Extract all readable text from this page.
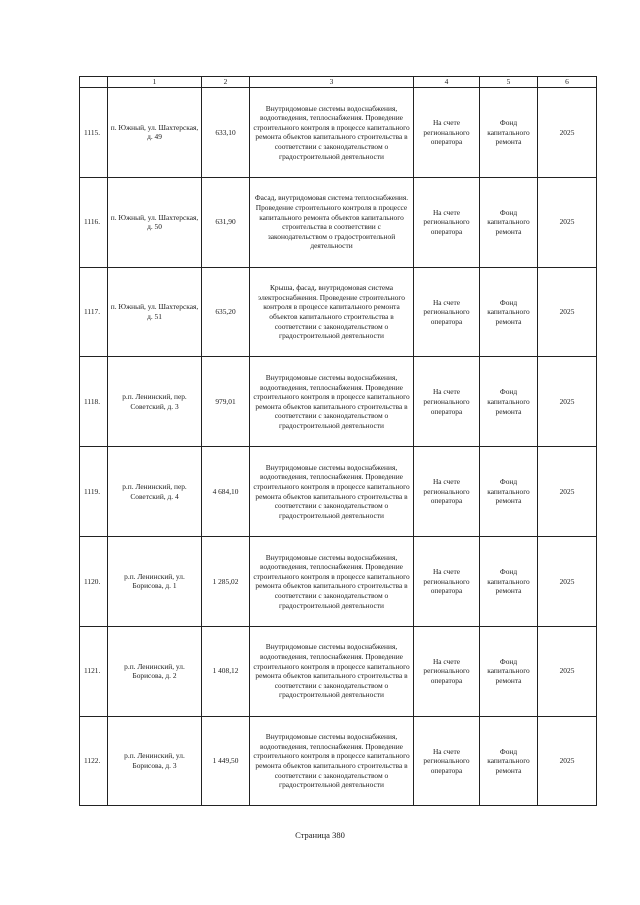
	1	2	3	4	5	6
1115.	п. Южный, ул. Шахтерская, д. 49	633,10	Внутридомовые системы водоснабжения, водоотведения, теплоснабжения. Проведение строительного контроля в процессе капитального ремонта объектов капитального строительства в соответствии с законодательством о градостроительной деятельности	На счете регионального оператора	Фонд капитального ремонта	2025
1116.	п. Южный, ул. Шахтерская, д. 50	631,90	Фасад, внутридомовая система теплоснабжения. Проведение строительного контроля в процессе капитального ремонта объектов капитального строительства в соответствии с законодательством о градостроительной деятельности	На счете регионального оператора	Фонд капитального ремонта	2025
1117.	п. Южный, ул. Шахтерская, д. 51	635,20	Крыша, фасад, внутридомовая система электроснабжения. Проведение строительного контроля в процессе капитального ремонта объектов капитального строительства в соответствии с законодательством о градостроительной деятельности	На счете регионального оператора	Фонд капитального ремонта	2025
1118.	р.п. Ленинский, пер. Советский, д. 3	979,01	Внутридомовые системы водоснабжения, водоотведения, теплоснабжения. Проведение строительного контроля в процессе капитального ремонта объектов капитального строительства в соответствии с законодательством о градостроительной деятельности	На счете регионального оператора	Фонд капитального ремонта	2025
1119.	р.п. Ленинский, пер. Советский, д. 4	4 684,10	Внутридомовые системы водоснабжения, водоотведения, теплоснабжения. Проведение строительного контроля в процессе капитального ремонта объектов капитального строительства в соответствии с законодательством о градостроительной деятельности	На счете регионального оператора	Фонд капитального ремонта	2025
1120.	р.п. Ленинский, ул. Борисова, д. 1	1 285,02	Внутридомовые системы водоснабжения, водоотведения, теплоснабжения. Проведение строительного контроля в процессе капитального ремонта объектов капитального строительства в соответствии с законодательством о градостроительной деятельности	На счете регионального оператора	Фонд капитального ремонта	2025
1121.	р.п. Ленинский, ул. Борисова, д. 2	1 408,12	Внутридомовые системы водоснабжения, водоотведения, теплоснабжения. Проведение строительного контроля в процессе капитального ремонта объектов капитального строительства в соответствии с законодательством о градостроительной деятельности	На счете регионального оператора	Фонд капитального ремонта	2025
1122.	р.п. Ленинский, ул. Борисова, д. 3	1 449,50	Внутридомовые системы водоснабжения, водоотведения, теплоснабжения. Проведение строительного контроля в процессе капитального ремонта объектов капитального строительства в соответствии с законодательством о градостроительной деятельности	На счете регионального оператора	Фонд капитального ремонта	2025
Страница 380
